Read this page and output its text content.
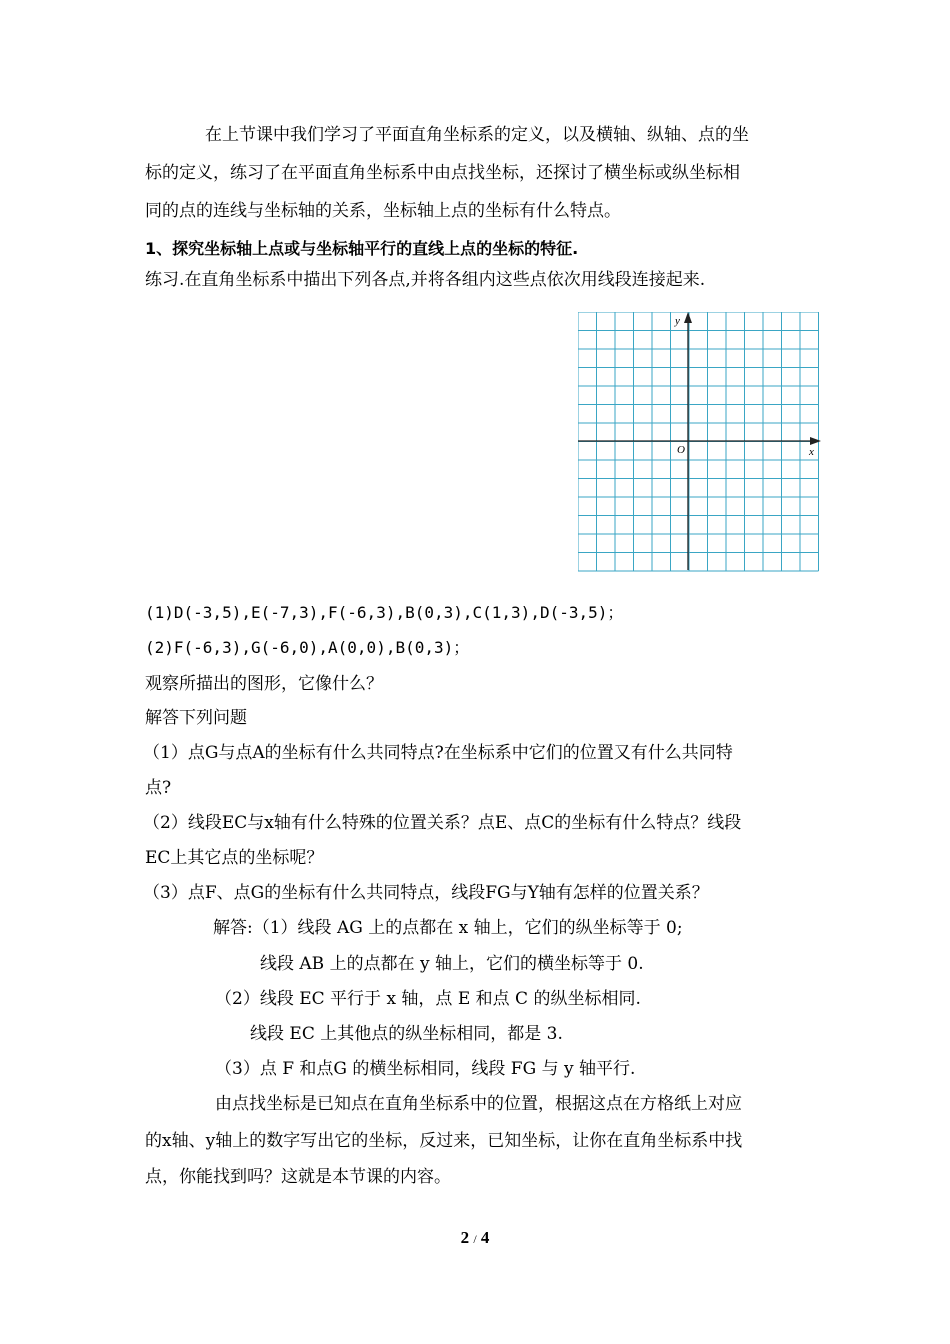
在上节课中我们学习了平面直角坐标系的定义，以及横轴、纵轴、点的坐
标的定义，练习了在平面直角坐标系中由点找坐标，还探讨了横坐标或纵坐标相
同的点的连线与坐标轴的关系，坐标轴上点的坐标有什么特点。
1、探究坐标轴上点或与坐标轴平行的直线上点的坐标的特征.
练习.在直角坐标系中描出下列各点,并将各组内这些点依次用线段连接起来.
x
y
O
(1)D(-3,5),E(-7,3),F(-6,3),B(0,3),C(1,3),D(-3,5)；
(2)F(-6,3),G(-6,0),A(0,0),B(0,3)；
观察所描出的图形，它像什么？
解答下列问题
（1）点G与点A的坐标有什么共同特点?在坐标系中它们的位置又有什么共同特
点?
（2）线段EC与x轴有什么特殊的位置关系？点E、点C的坐标有什么特点？线段
EC上其它点的坐标呢？
（3）点F、点G的坐标有什么共同特点，线段FG与Y轴有怎样的位置关系？
解答:（1）线段 AG 上的点都在 x 轴上，它们的纵坐标等于 0;
线段 AB 上的点都在 y 轴上，它们的横坐标等于 0.
（2）线段 EC 平行于 x 轴，点 E 和点 C 的纵坐标相同.
线段 EC 上其他点的纵坐标相同，都是 3.
（3）点 F 和点G 的横坐标相同，线段 FG 与 y 轴平行.
由点找坐标是已知点在直角坐标系中的位置，根据这点在方格纸上对应
的x轴、y轴上的数字写出它的坐标，反过来，已知坐标，让你在直角坐标系中找
点，你能找到吗？这就是本节课的内容。
2 / 4
